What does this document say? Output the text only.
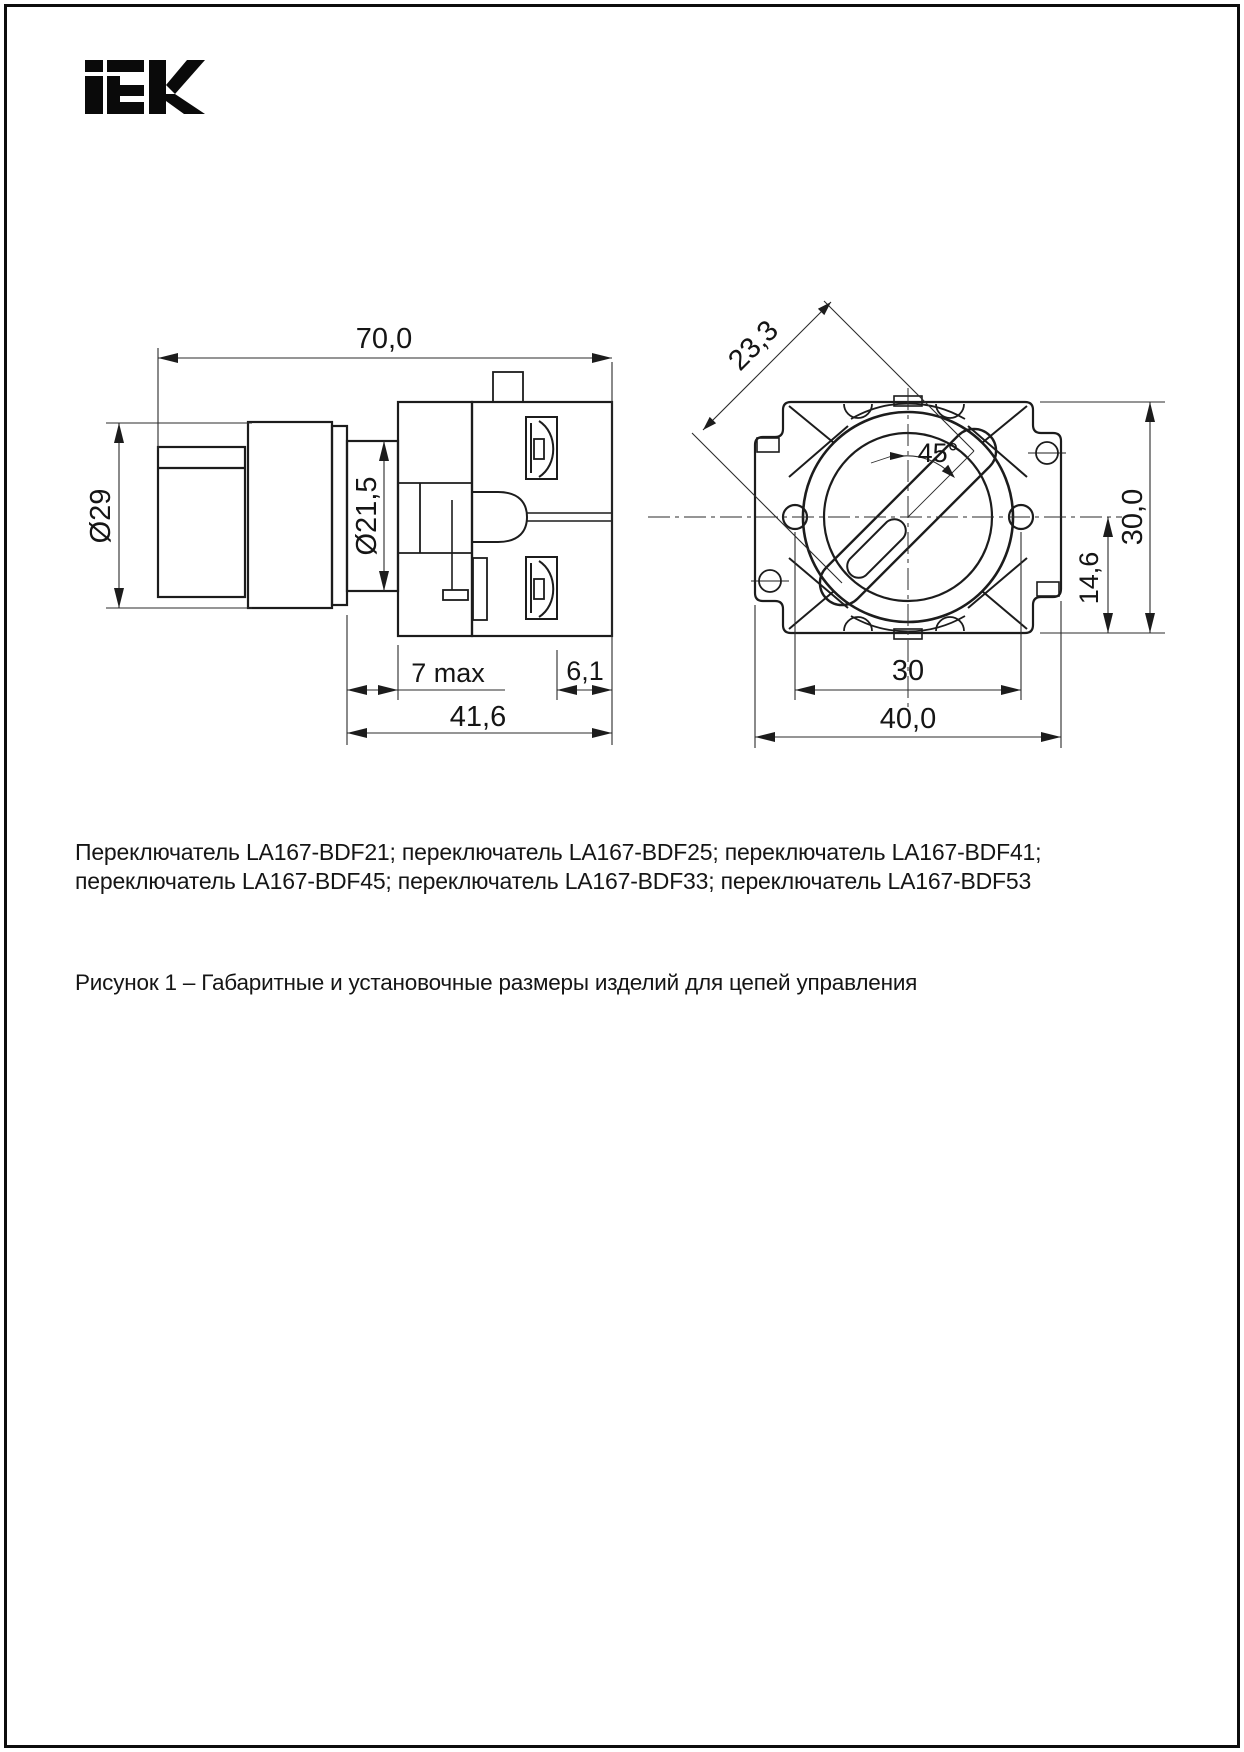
70,0
Ø29	Ø21,5
7 max	6,1
41,6
23,3
45°
30
40,0
14,6
30,0
Переключатель LA167-BDF21; переключатель LA167-BDF25; переключатель LA167-BDF41;
переключатель LA167-BDF45; переключатель LA167-BDF33; переключатель LA167-BDF53
Рисунок 1 – Габаритные и установочные размеры изделий для цепей управления
